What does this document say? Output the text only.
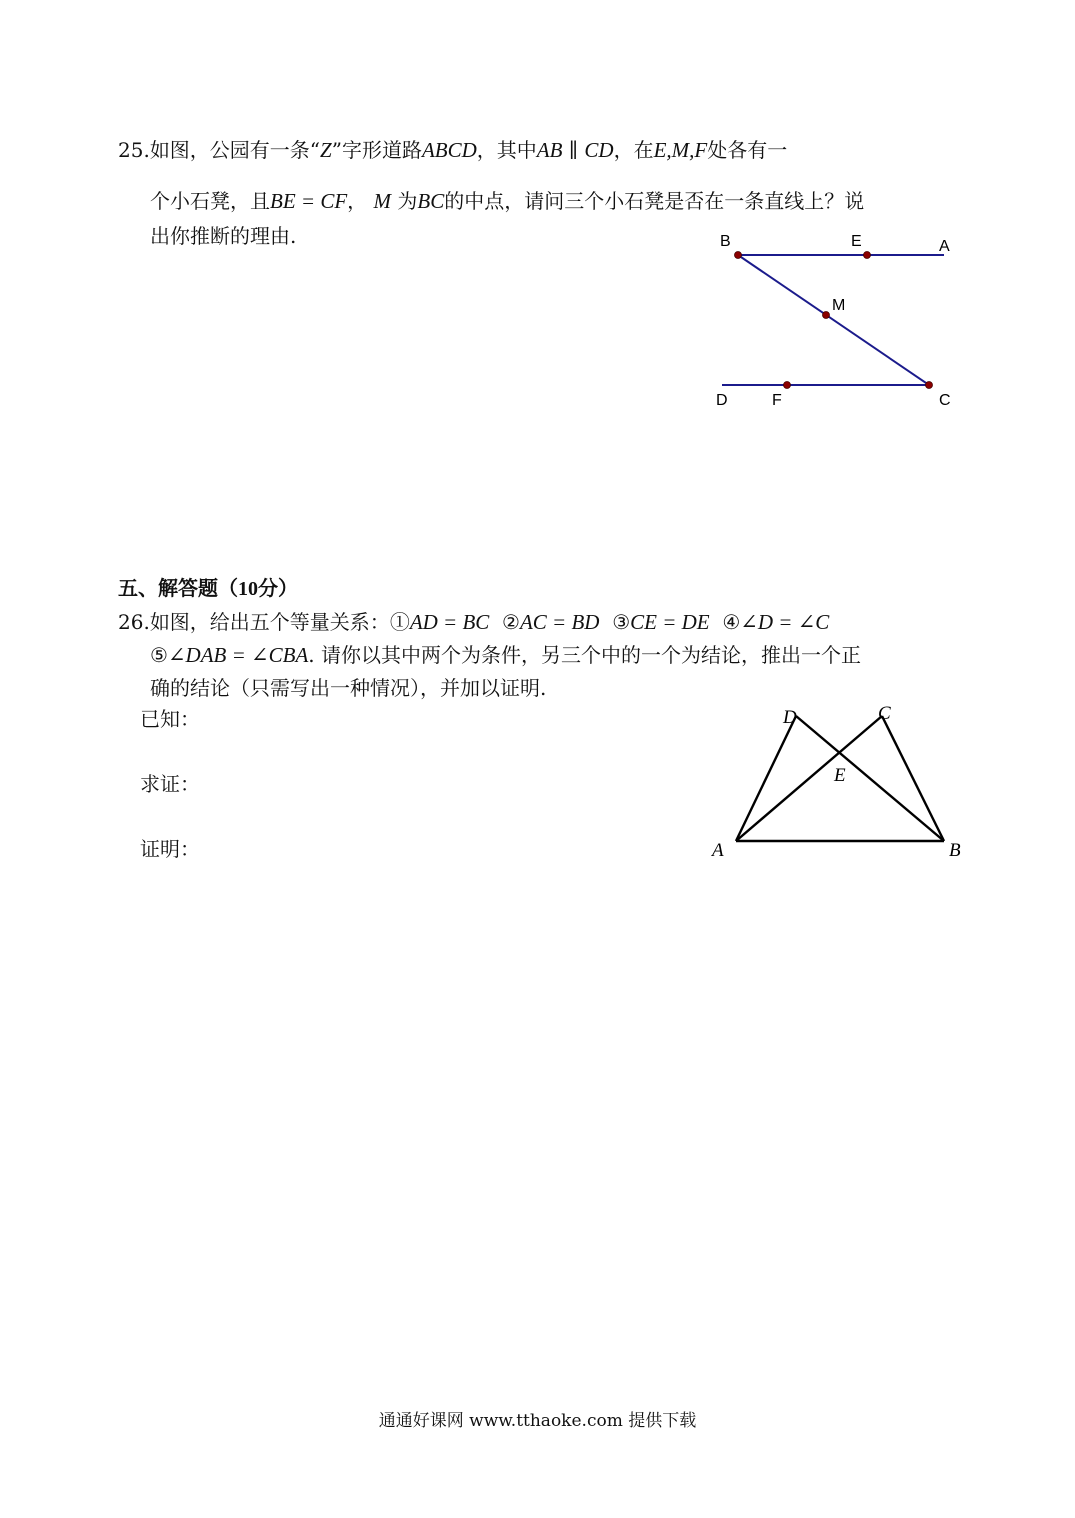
25.如图，公园有一条“Z”字形道路ABCD，其中AB ∥ CD，在E,M,F处各有一
个小石凳，且BE = CF， M 为BC的中点，请问三个小石凳是否在一条直线上？说
出你推断的理由.	B	E	A
M
D	F	C
五、解答题（10分）
26.如图，给出五个等量关系：①AD = BC ②AC = BD ③CE = DE ④∠D = ∠C
⑤∠DAB = ∠CBA. 请你以其中两个为条件，另三个中的一个为结论，推出一个正
确的结论（只需写出一种情况），并加以证明.
已知：
求证：
证明：
D	C
E
A	B
通通好课网 www.tthaoke.com 提供下载
